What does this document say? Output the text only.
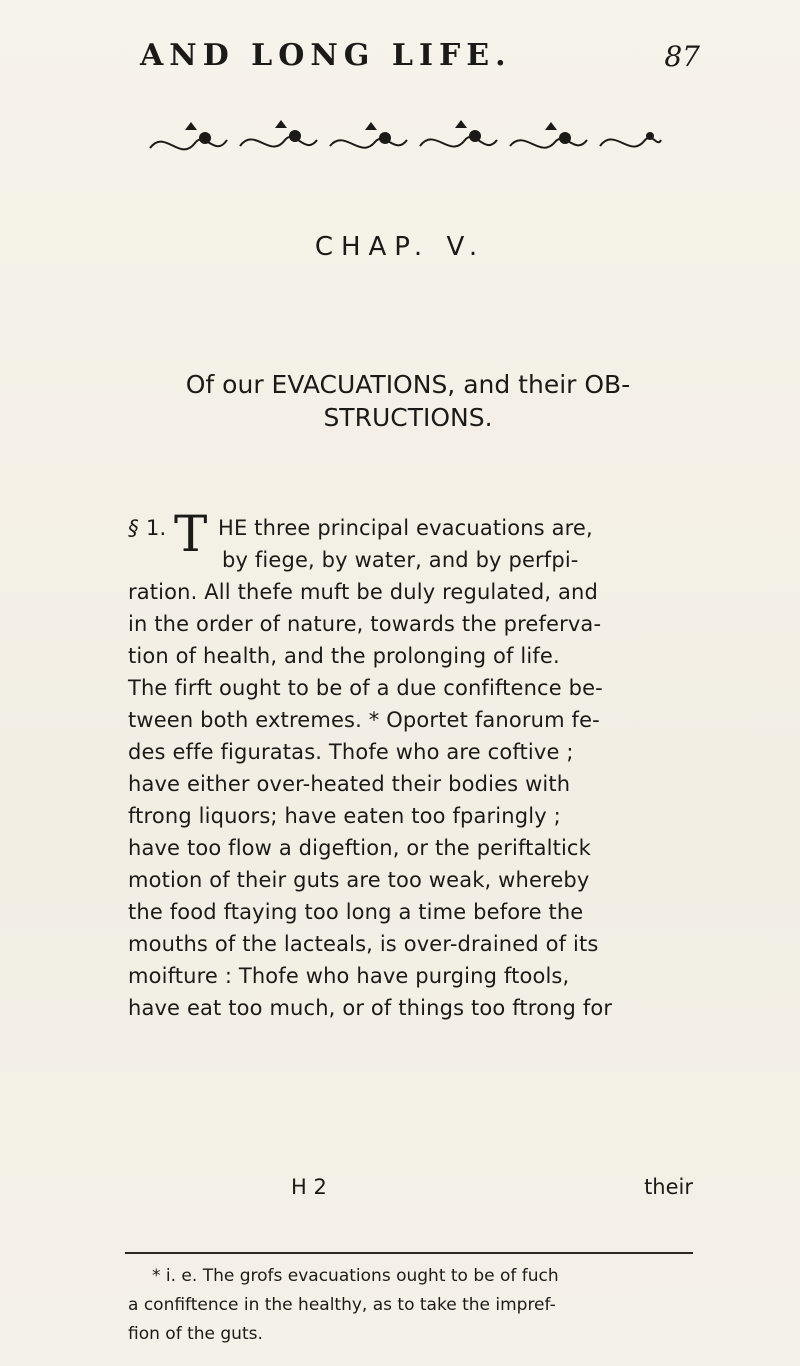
AND LONG LIFE.	87
CHAP. V.
Of our EVACUATIONS, and their OB-
STRUCTIONS.
§ 1. T HE three principal evacuations are,
by fiege, by water, and by perfpi-
ration. All thefe muft be duly regulated, and
in the order of nature, towards the preferva-
tion of health, and the prolonging of life.
The firft ought to be of a due confiftence be-
tween both extremes. * Oportet fanorum fe-
des effe figuratas. Thofe who are coftive ;
have either over-heated their bodies with
ftrong liquors; have eaten too fparingly ;
have too flow a digeftion, or the periftaltick
motion of their guts are too weak, whereby
the food ftaying too long a time before the
mouths of the lacteals, is over-drained of its
moifture : Thofe who have purging ftools,
have eat too much, or of things too ftrong for
H 2	their
* i. e. The grofs evacuations ought to be of fuch
a confiftence in the healthy, as to take the impref-
fion of the guts.
